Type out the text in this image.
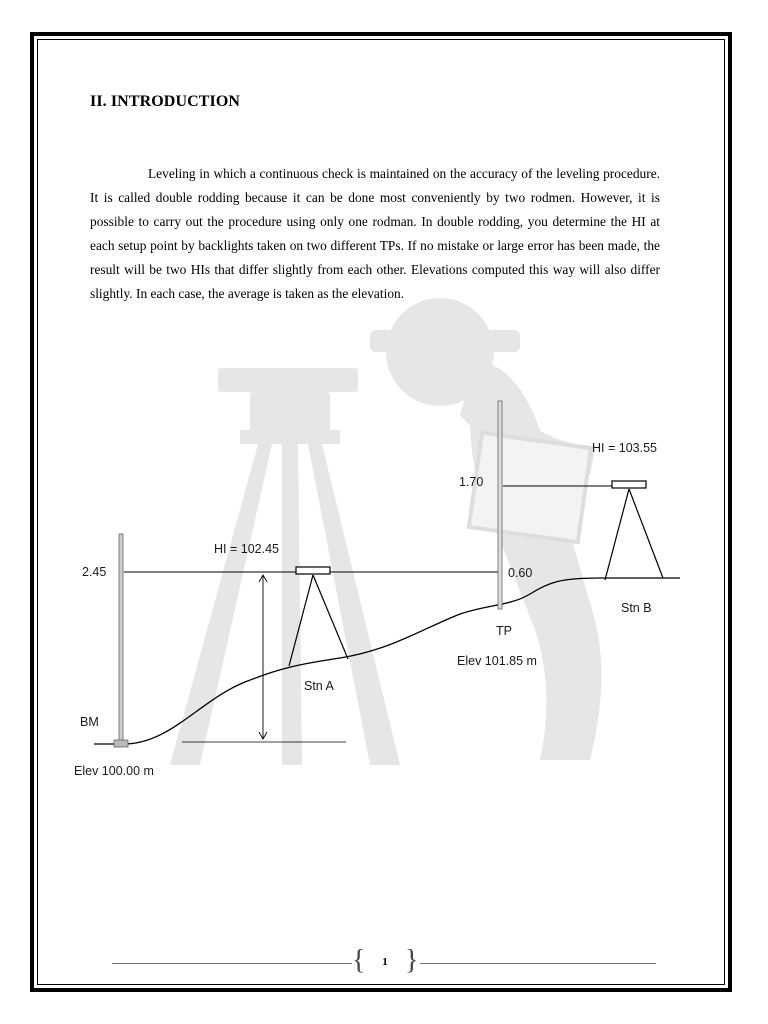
BM
Elev 100.00 m
2.45
HI = 102.45
Stn A
0.60
1.70
TP
Elev 101.85 m
HI = 103.55
Stn B
II. INTRODUCTION

Leveling in which a continuous check is maintained on the accuracy of the leveling procedure. It is called double rodding because it can be done most conveniently by two rodmen. However, it is possible to carry out the procedure using only one rodman. In double rodding, you determine the HI at each setup point by backlights taken on two different TPs. If no mistake or large error has been made, the result will be two HIs that differ slightly from each other. Elevations computed this way will also differ slightly. In each case, the average is taken as the elevation.

{ }
1
